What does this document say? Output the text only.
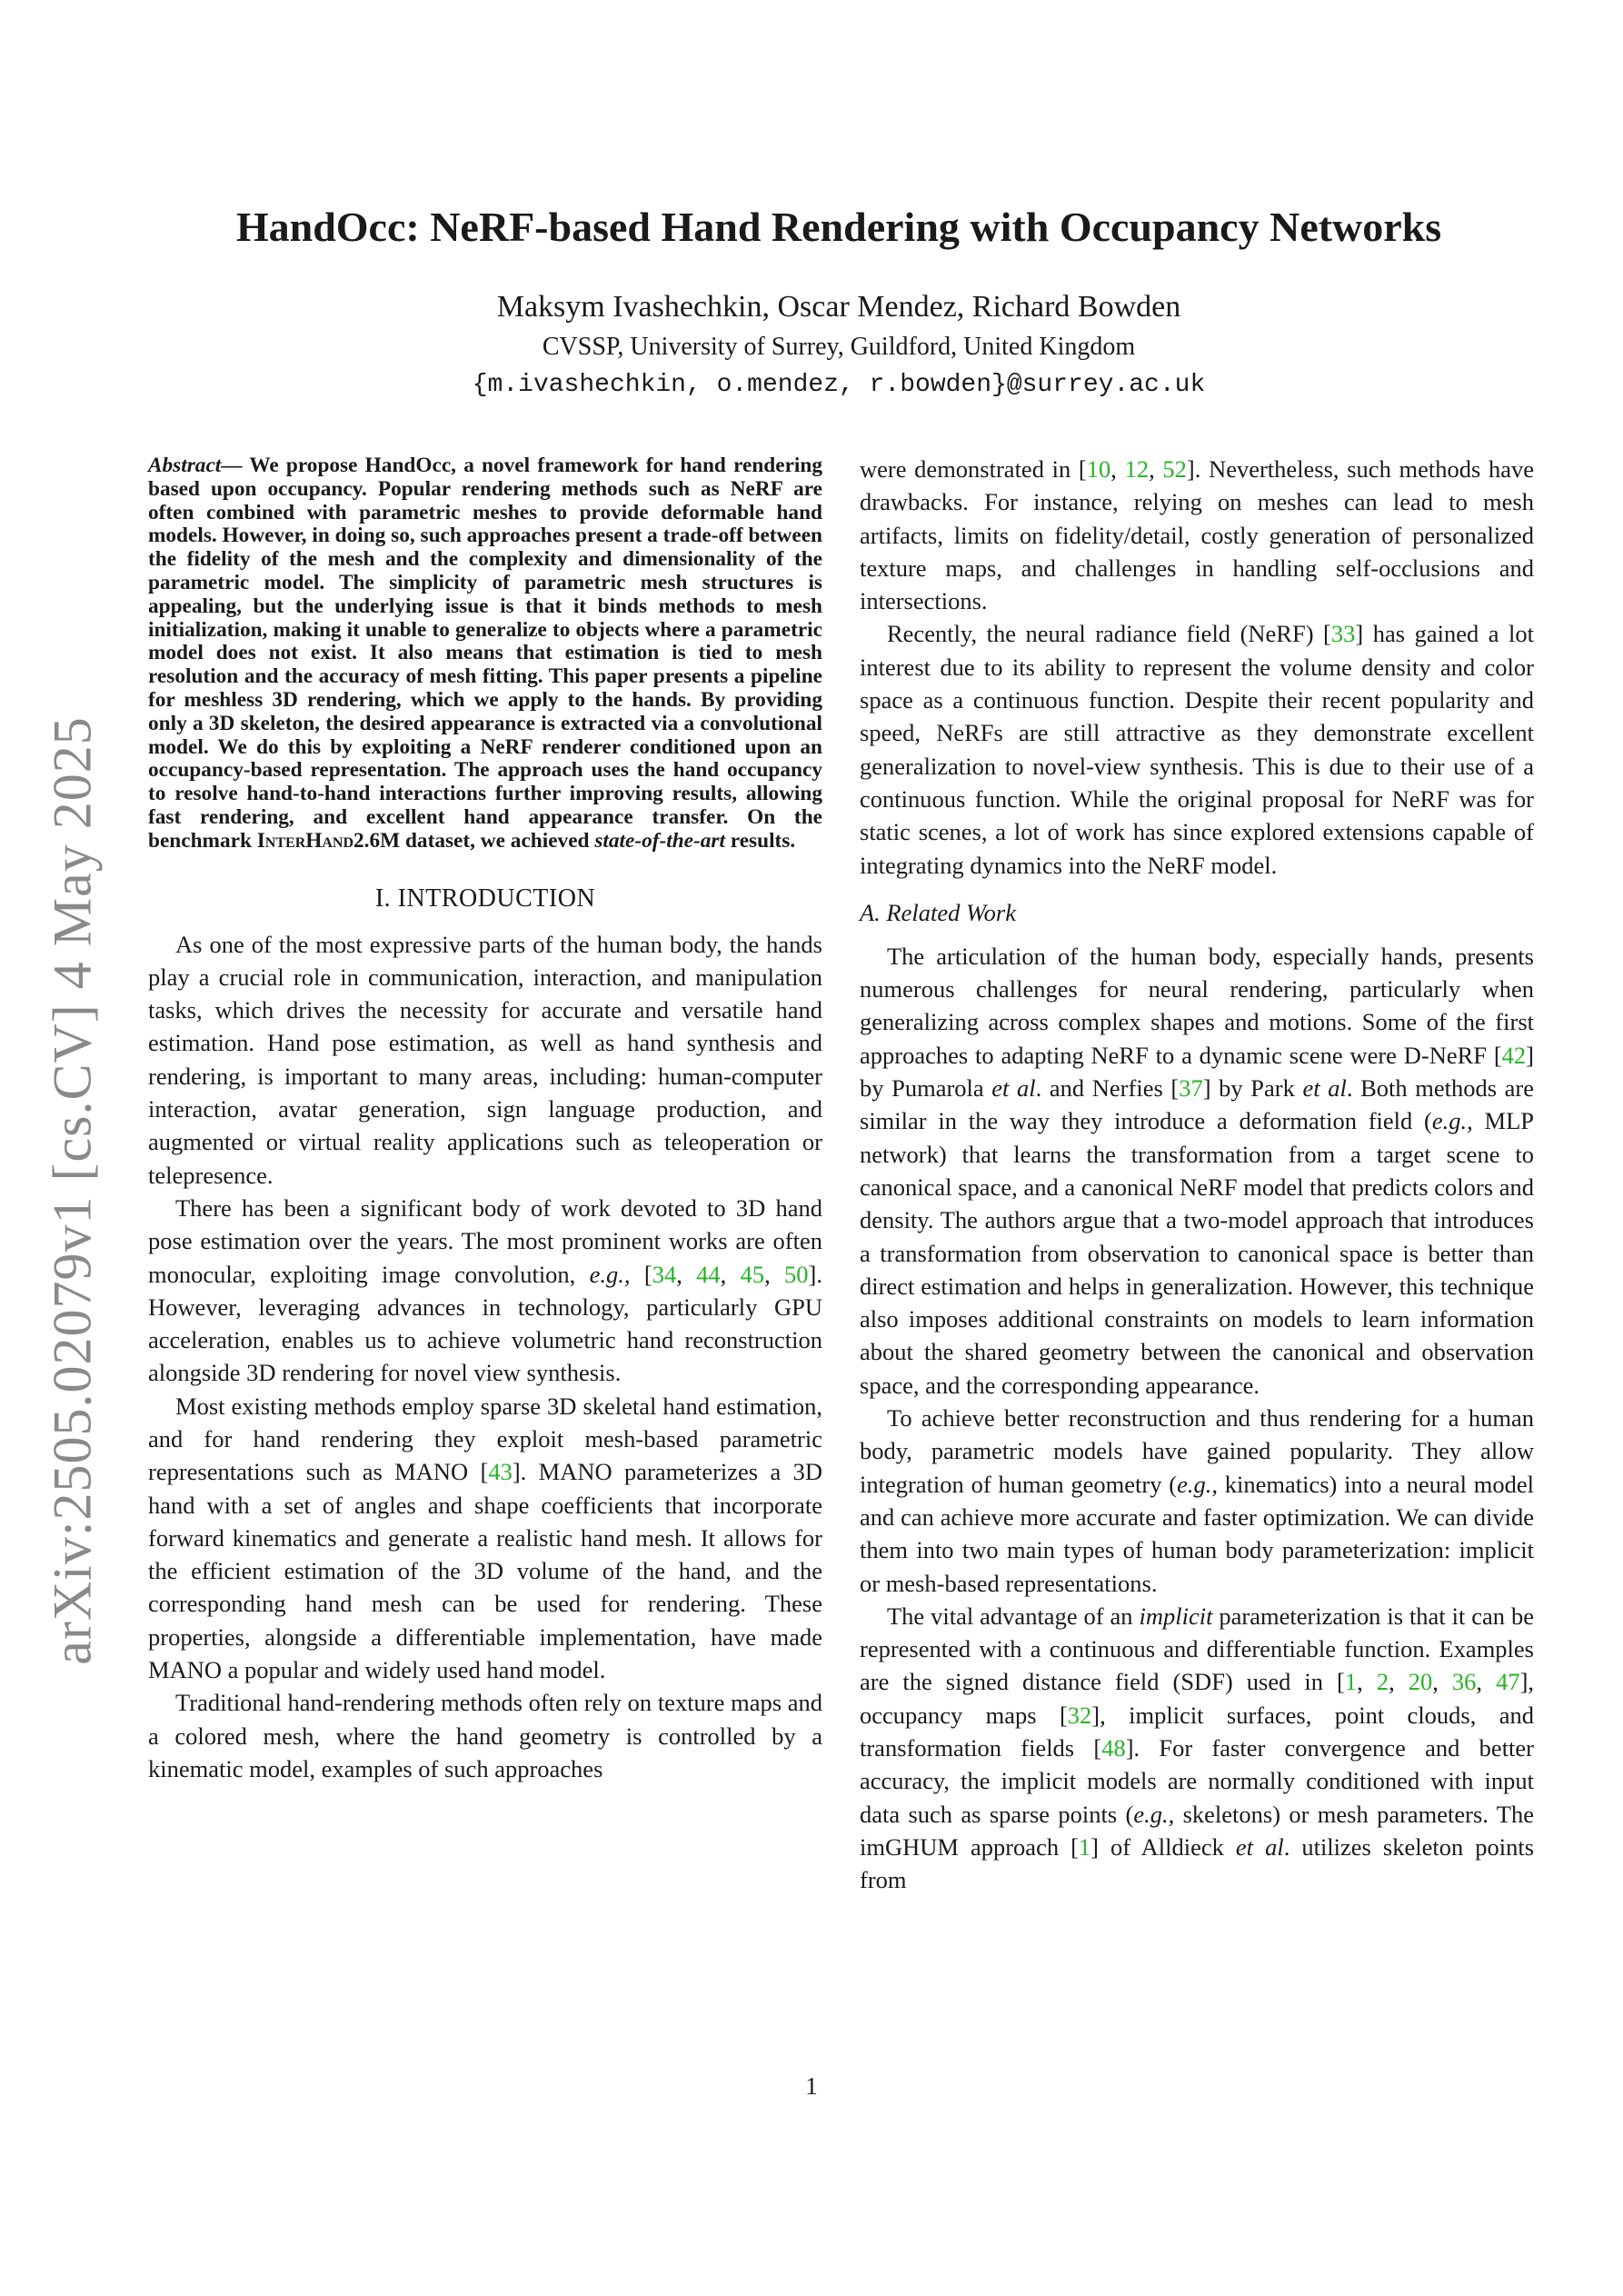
arXiv:2505.02079v1 [cs.CV] 4 May 2025
HandOcc: NeRF-based Hand Rendering with Occupancy Networks
Maksym Ivashechkin, Oscar Mendez, Richard Bowden
CVSSP, University of Surrey, Guildford, United Kingdom
{m.ivashechkin, o.mendez, r.bowden}@surrey.ac.uk

Abstract— We propose HandOcc, a novel framework for hand rendering based upon occupancy. Popular rendering methods such as NeRF are often combined with parametric meshes to provide deformable hand models. However, in doing so, such approaches present a trade-off between the fidelity of the mesh and the complexity and dimensionality of the parametric model. The simplicity of parametric mesh structures is appealing, but the underlying issue is that it binds methods to mesh initialization, making it unable to generalize to objects where a parametric model does not exist. It also means that estimation is tied to mesh resolution and the accuracy of mesh fitting. This paper presents a pipeline for meshless 3D rendering, which we apply to the hands. By providing only a 3D skeleton, the desired appearance is extracted via a convolutional model. We do this by exploiting a NeRF renderer conditioned upon an occupancy-based representation. The approach uses the hand occupancy to resolve hand-to-hand interactions further improving results, allowing fast rendering, and excellent hand appearance transfer. On the benchmark InterHand2.6M dataset, we achieved state-of-the-art results.

I. INTRODUCTION

As one of the most expressive parts of the human body, the hands play a crucial role in communication, interaction, and manipulation tasks, which drives the necessity for accurate and versatile hand estimation. Hand pose estimation, as well as hand synthesis and rendering, is important to many areas, including: human-computer interaction, avatar generation, sign language production, and augmented or virtual reality applications such as teleoperation or telepresence.

There has been a significant body of work devoted to 3D hand pose estimation over the years. The most prominent works are often monocular, exploiting image convolution, e.g., [34, 44, 45, 50]. However, leveraging advances in technology, particularly GPU acceleration, enables us to achieve volumetric hand reconstruction alongside 3D rendering for novel view synthesis.

Most existing methods employ sparse 3D skeletal hand estimation, and for hand rendering they exploit mesh-based parametric representations such as MANO [43]. MANO parameterizes a 3D hand with a set of angles and shape coefficients that incorporate forward kinematics and generate a realistic hand mesh. It allows for the efficient estimation of the 3D volume of the hand, and the corresponding hand mesh can be used for rendering. These properties, alongside a differentiable implementation, have made MANO a popular and widely used hand model.

Traditional hand-rendering methods often rely on texture maps and a colored mesh, where the hand geometry is controlled by a kinematic model, examples of such approaches

were demonstrated in [10, 12, 52]. Nevertheless, such methods have drawbacks. For instance, relying on meshes can lead to mesh artifacts, limits on fidelity/detail, costly generation of personalized texture maps, and challenges in handling self-occlusions and intersections.

Recently, the neural radiance field (NeRF) [33] has gained a lot interest due to its ability to represent the volume density and color space as a continuous function. Despite their recent popularity and speed, NeRFs are still attractive as they demonstrate excellent generalization to novel-view synthesis. This is due to their use of a continuous function. While the original proposal for NeRF was for static scenes, a lot of work has since explored extensions capable of integrating dynamics into the NeRF model.

A. Related Work

The articulation of the human body, especially hands, presents numerous challenges for neural rendering, particularly when generalizing across complex shapes and motions. Some of the first approaches to adapting NeRF to a dynamic scene were D-NeRF [42] by Pumarola et al. and Nerfies [37] by Park et al. Both methods are similar in the way they introduce a deformation field (e.g., MLP network) that learns the transformation from a target scene to canonical space, and a canonical NeRF model that predicts colors and density. The authors argue that a two-model approach that introduces a transformation from observation to canonical space is better than direct estimation and helps in generalization. However, this technique also imposes additional constraints on models to learn information about the shared geometry between the canonical and observation space, and the corresponding appearance.

To achieve better reconstruction and thus rendering for a human body, parametric models have gained popularity. They allow integration of human geometry (e.g., kinematics) into a neural model and can achieve more accurate and faster optimization. We can divide them into two main types of human body parameterization: implicit or mesh-based representations.

The vital advantage of an implicit parameterization is that it can be represented with a continuous and differentiable function. Examples are the signed distance field (SDF) used in [1, 2, 20, 36, 47], occupancy maps [32], implicit surfaces, point clouds, and transformation fields [48]. For faster convergence and better accuracy, the implicit models are normally conditioned with input data such as sparse points (e.g., skeletons) or mesh parameters. The imGHUM approach [1] of Alldieck et al. utilizes skeleton points from

1
